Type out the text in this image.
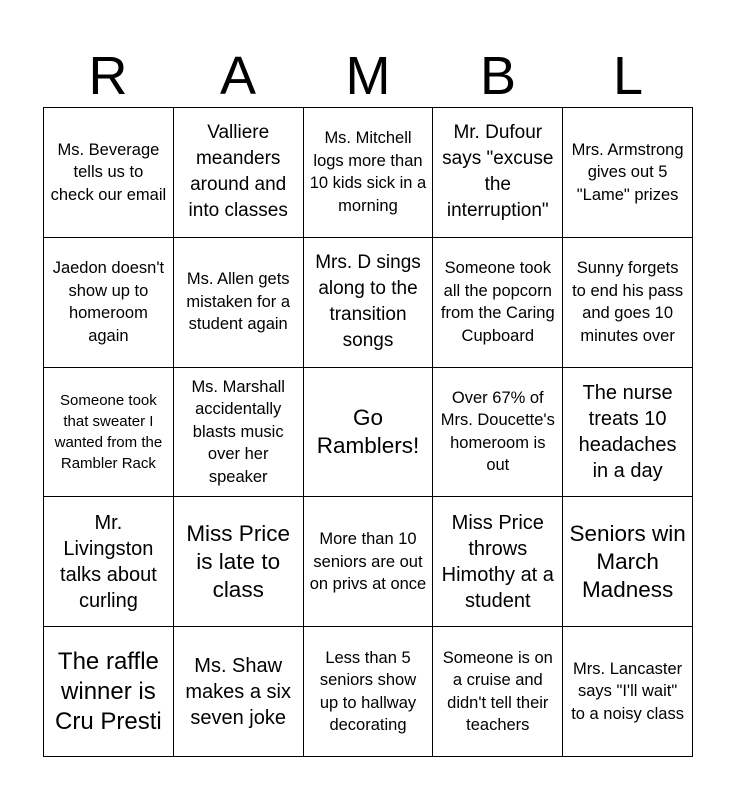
R	A	M	B	L
Ms. Beverage tells us to check our email
Valliere meanders around and into classes
Ms. Mitchell logs more than 10 kids sick in a morning
Mr. Dufour says "excuse the interruption"
Mrs. Armstrong gives out 5 "Lame" prizes
Jaedon doesn't show up to homeroom again
Ms. Allen gets mistaken for a student again
Mrs. D sings along to the transition songs
Someone took all the popcorn from the Caring Cupboard
Sunny forgets to end his pass and goes 10 minutes over
Someone took that sweater I wanted from the Rambler Rack
Ms. Marshall accidentally blasts music over her speaker
Go Ramblers!
Over 67% of Mrs. Doucette's homeroom is out
The nurse treats 10 headaches in a day
Mr. Livingston talks about curling
Miss Price is late to class
More than 10 seniors are out on privs at once
Miss Price throws Himothy at a student
Seniors win March Madness
The raffle winner is Cru Presti
Ms. Shaw makes a six seven joke
Less than 5 seniors show up to hallway decorating
Someone is on a cruise and didn't tell their teachers
Mrs. Lancaster says "I'll wait" to a noisy class
